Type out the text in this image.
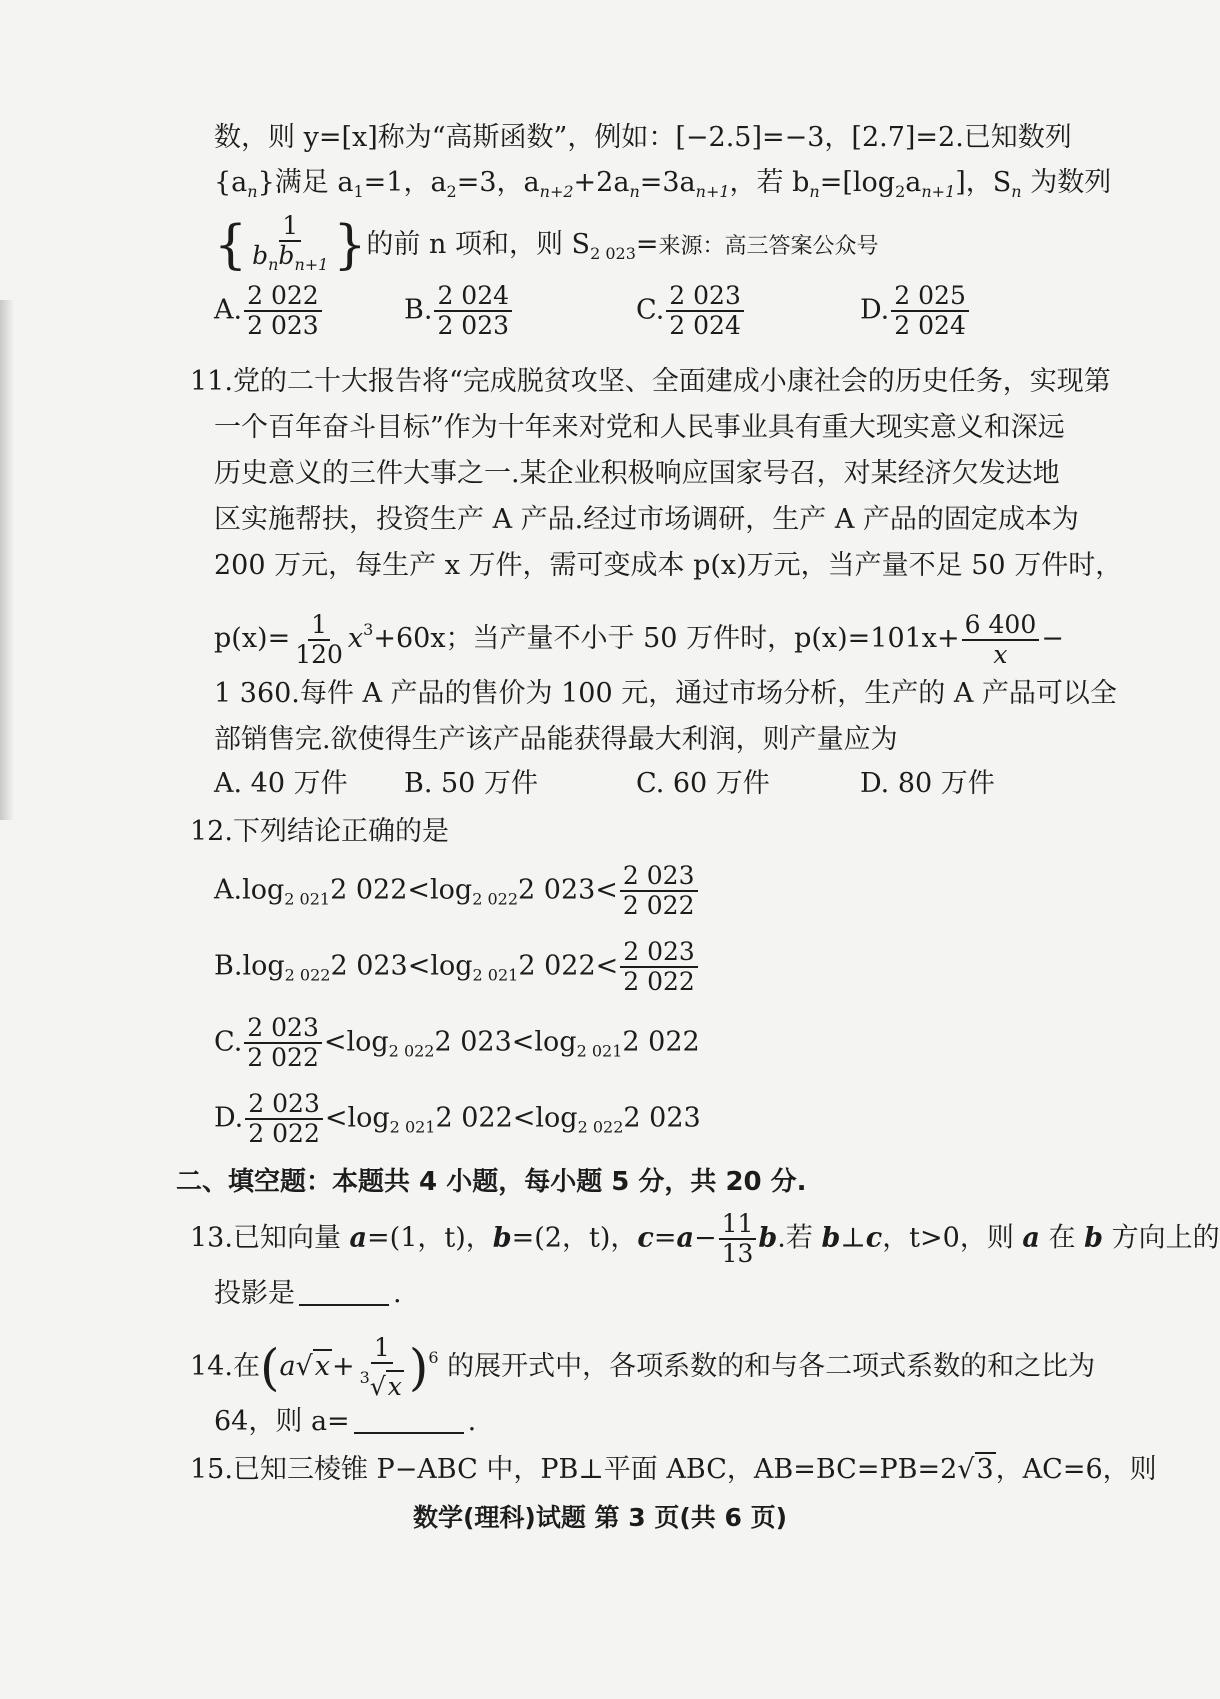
数，则 y=[x]称为“高斯函数”，例如：[−2.5]=−3，[2.7]=2.已知数列
$\{a_n\}$满足 $a_1=1$，$a_2=3$，$a_{n+2}+2a_n=3a_{n+1}$，若 $b_n=[\log_2a_{n+1}]$，$S_n$ 为数列
{ $\frac{1}{b_nb_{n+1}}$ }的前 n 项和，则 $S_{2 023}=$来源：高三答案公众号
A. $\frac{2 022}{2 023}$	B. $\frac{2 024}{2 023}$	C. $\frac{2 023}{2 024}$	D. $\frac{2 025}{2 024}$
11.党的二十大报告将“完成脱贫攻坚、全面建成小康社会的历史任务，实现第
一个百年奋斗目标”作为十年来对党和人民事业具有重大现实意义和深远
历史意义的三件大事之一.某企业积极响应国家号召，对某经济欠发达地
区实施帮扶，投资生产 A 产品.经过市场调研，生产 A 产品的固定成本为
200 万元，每生产 x 万件，需可变成本 p(x)万元，当产量不足 50 万件时，
$p(x)= \frac{1}{120} x^3+60x$；当产量不小于 50 万件时，$p(x)=101x+ \frac{6 400}{x}$ −
1 360.每件 A 产品的售价为 100 元，通过市场分析，生产的 A 产品可以全
部销售完.欲使得生产该产品能获得最大利润，则产量应为
A. 40 万件 B. 50 万件	C. 60 万件	D. 80 万件
12.下列结论正确的是
$A.\log_{2 021}2$ $022<\log_{2 022}2$ $023< \frac{2 023}{2 022}$
$B.\log_{2 022}2$ $023<\log_{2 021}2$ $022< \frac{2 023}{2 022}$
C. $\frac{2 023}{2 022} <\log_{2 022}2$ $023<\log_{2 021}2$ 022
D. $\frac{2 023}{2 022} <\log_{2 021}2$ $022<\log_{2 022}2$ 023
二、填空题：本题共 4 小题，每小题 5 分，共 20 分.
13.已知向量 a=(1，t)，b=(2，t)，$c=a- \frac{11}{13} b$.若 b⊥c，t>0，则 a 在 b 方向上的
投影是	.
14.在$(a√x+ \frac{1}{^3√x} )^6$ 的展开式中，各项系数的和与各二项式系数的和之比为
64，则 a=	.
15.已知三棱锥 P−ABC 中，PB⊥平面 ABC，AB=BC=PB=2√3，AC=6，则
数学(理科)试题 第 3 页(共 6 页)
